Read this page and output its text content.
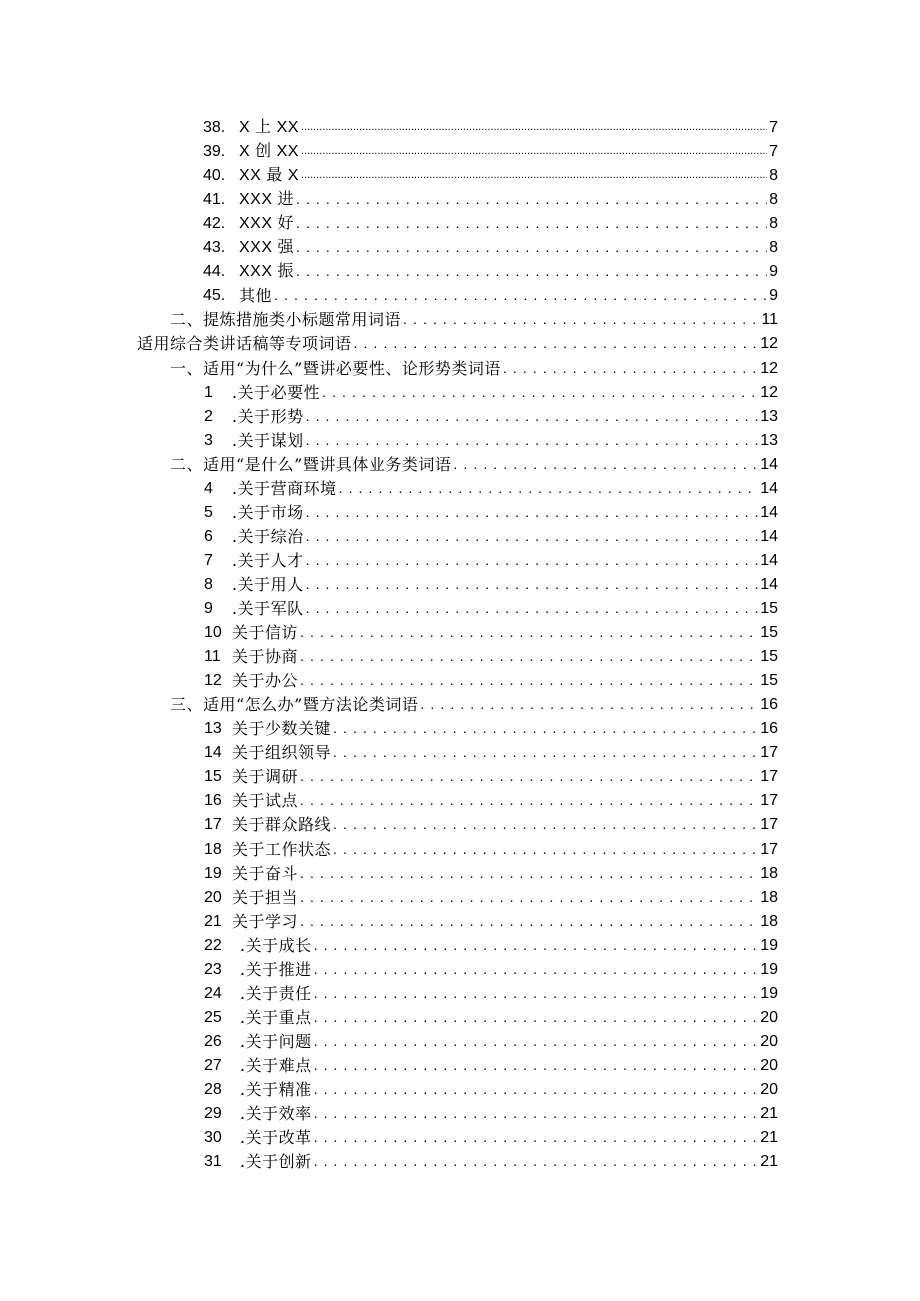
38. X 上 XX .....	7
39. X 创 XX .....	7
40. XX 最 X .....	8
41. XXX 进 . . .	8
42. XXX 好 . . .	8
43. XXX 强 . . .	8
44. XXX 振 . . .	9
45. 其他 . . .	9
二、提炼措施类小标题常用词语 . . .	11
适用综合类讲话稿等专项词语 . . .	12
一、适用“为什么”暨讲必要性、论形势类词语 . . .	12
1	.关于必要性 . . .	12
2	.关于形势 . . .	13
3	.关于谋划 . . .	13
二、适用“是什么”暨讲具体业务类词语 . . .	14
4	.关于营商环境 . . .	14
5	.关于市场 . . .	14
6	.关于综治 . . .	14
7	.关于人才 . . .	14
8	.关于用人 . . .	14
9	.关于军队 . . .	15
10 关于信访 . . .	15
11 关于协商 . . .	15
12 关于办公 . . .	15
三、适用“怎么办”暨方法论类词语 . . .	16
13 关于少数关键 . . .	16
14 关于组织领导 . . .	17
15 关于调研 . . .	17
16 关于试点 . . .	17
17 关于群众路线 . . .	17
18 关于工作状态 . . .	17
19 关于奋斗 . . .	18
20 关于担当 . . .	18
21 关于学习 . . .	18
22	.关于成长 . . .	19
23	.关于推进 . . .	19
24	.关于责任 . . .	19
25	.关于重点 . . .	20
26	.关于问题 . . .	20
27	.关于难点 . . .	20
28	.关于精准 . . .	20
29	.关于效率 . . .	21
30	.关于改革 . . .	21
31	.关于创新 . . .	21
